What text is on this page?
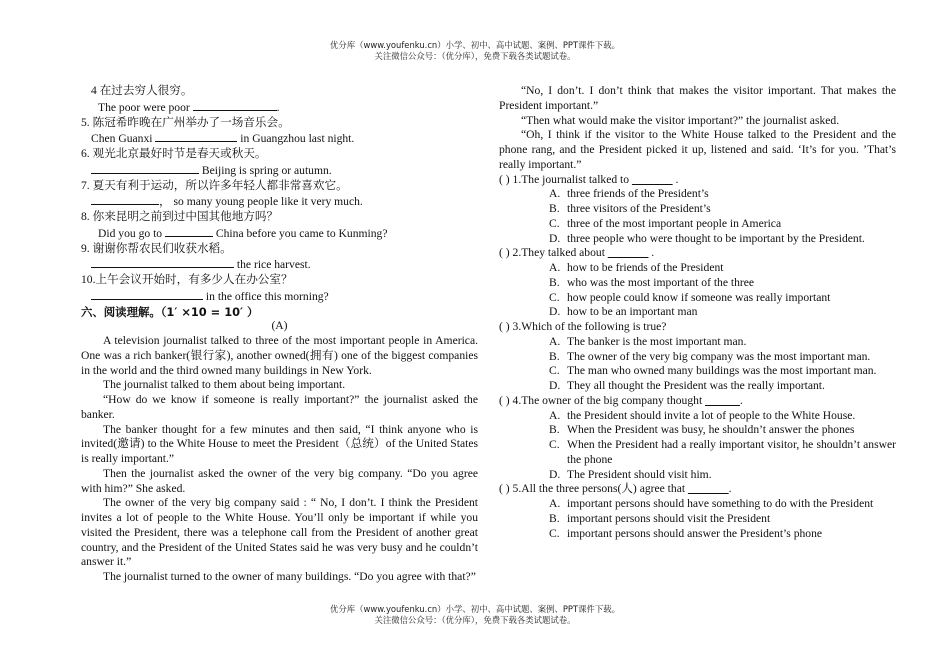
优分库（www.youfenku.cn）小学、初中、高中试题、案例、PPT课件下载。
关注微信公众号：（优分库），免费下载各类试题试卷。
4 在过去穷人很穷。
The poor were poor	.
5. 陈冠希昨晚在广州举办了一场音乐会。
Chen Guanxi	in Guangzhou last night.
6. 观光北京最好时节是春天或秋天。
Beijing is spring or autumn.
7. 夏天有利于运动，所以许多年轻人都非常喜欢它。
， so many young people like it very much.
8. 你来昆明之前到过中国其他地方吗？
Did you go to	China before you came to Kunming?
9. 谢谢你帮农民们收获水稻。
the rice harvest.
10.上午会议开始时，有多少人在办公室？
in the office this morning?
六、阅读理解。（1′ ×10 = 10′ ）
(A)
A television journalist talked to three of the most important people in America. One was a rich banker(银行家), another owned(拥有) one of the biggest companies in the world and the third owned many buildings in New York.
The journalist talked to them about being important.
“How do we know if someone is really important?” the journalist asked the banker.
The banker thought for a few minutes and then said, “I think anyone who is invited(邀请) to the White House to meet the President（总统）of the United States is really important.”
Then the journalist asked the owner of the very big company. “Do you agree with him?” She asked.
The owner of the very big company said : “ No, I don’t. I think the President invites a lot of people to the White House. You’ll only be important if while you visited the President, there was a telephone call from the President of another great country, and the President of the United States said he was very busy and he couldn’t answer it.”
The journalist turned to the owner of many buildings. “Do you agree with that?”
“No, I don’t. I don’t think that makes the visitor important. That makes the President important.”
“Then what would make the visitor important?” the journalist asked.
“Oh, I think if the visitor to the White House talked to the President and the phone rang, and the President picked it up, listened and said. ‘It’s for you. ’That’s really important.”
( ) 1.The journalist talked to _______ .
A. three friends of the President’s
B. three visitors of the President’s
C. three of the most important people in America
D. three people who were thought to be important by the President.
( ) 2.They talked about _______ .
A. how to be friends of the President
B. who was the most important of the three
C. how people could know if someone was really important
D. how to be an important man
( ) 3.Which of the following is true?
A. The banker is the most important man.
B. The owner of the very big company was the most important man.
C. The man who owned many buildings was the most important man.
D. They all thought the President was the really important.
( ) 4.The owner of the big company thought ______.
A. the President should invite a lot of people to the White House.
B. When the President was busy, he shouldn’t answer the phones
C. When the President had a really important visitor, he shouldn’t answer the phone
D. The President should visit him.
( ) 5.All the three persons(人) agree that _______.
A. important persons should have something to do with the President
B. important persons should visit the President
C. important persons should answer the President’s phone
优分库（www.youfenku.cn）小学、初中、高中试题、案例、PPT课件下载。
关注微信公众号：（优分库），免费下载各类试题试卷。
